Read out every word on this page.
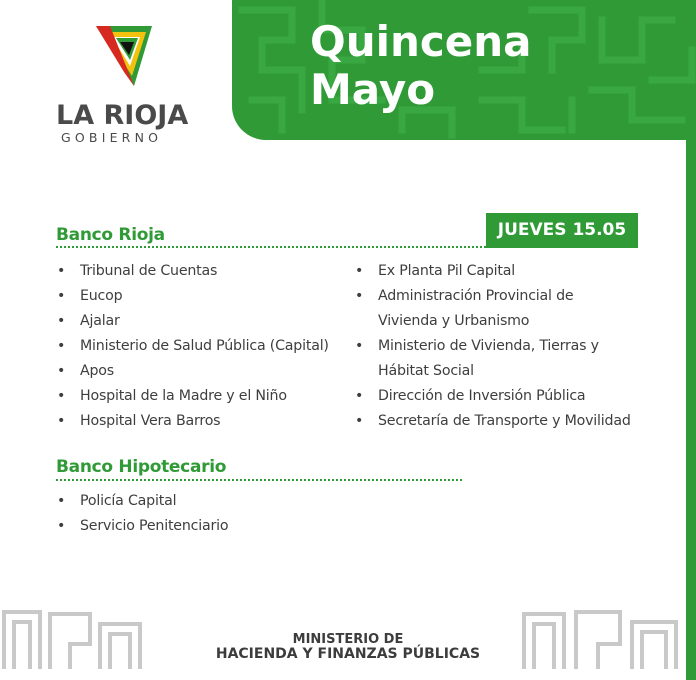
Quincena
Mayo
LA RIOJA
GOBIERNO
JUEVES 15.05
Banco Rioja
• Tribunal de Cuentas
• Eucop
• Ajalar
• Ministerio de Salud Pública (Capital)
• Apos
• Hospital de la Madre y el Niño
• Hospital Vera Barros
• Ex Planta Pil Capital
• Administración Provincial de
Vivienda y Urbanismo
• Ministerio de Vivienda, Tierras y
Hábitat Social
• Dirección de Inversión Pública
• Secretaría de Transporte y Movilidad
Banco Hipotecario
• Policía Capital
• Servicio Penitenciario
MINISTERIO DE
HACIENDA Y FINANZAS PÚBLICAS
